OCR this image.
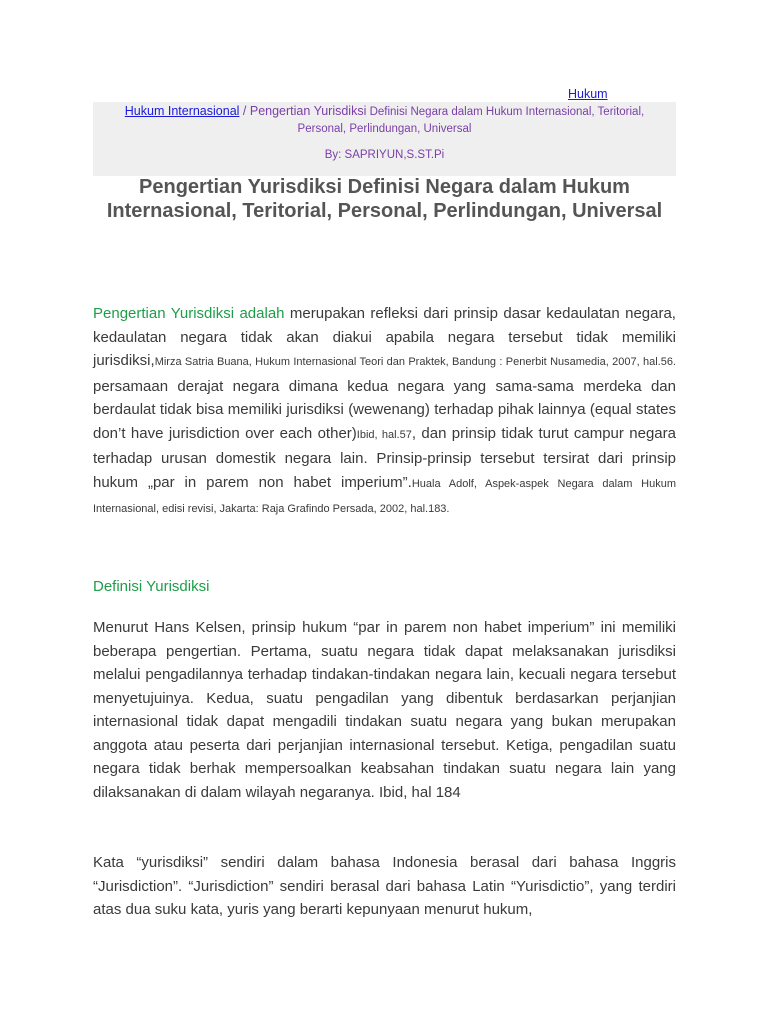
Hukum
Hukum Internasional / Pengertian Yurisdiksi Definisi Negara dalam Hukum Internasional, Teritorial, Personal, Perlindungan, Universal
By: SAPRIYUN,S.ST.Pi
Pengertian Yurisdiksi Definisi Negara dalam Hukum Internasional, Teritorial, Personal, Perlindungan, Universal

Pengertian Yurisdiksi adalah merupakan refleksi dari prinsip dasar kedaulatan negara, kedaulatan negara tidak akan diakui apabila negara tersebut tidak memiliki jurisdiksi,Mirza Satria Buana, Hukum Internasional Teori dan Praktek, Bandung : Penerbit Nusamedia, 2007, hal.56. persamaan derajat negara dimana kedua negara yang sama-sama merdeka dan berdaulat tidak bisa memiliki jurisdiksi (wewenang) terhadap pihak lainnya (equal states don’t have jurisdiction over each other)Ibid, hal.57, dan prinsip tidak turut campur negara terhadap urusan domestik negara lain. Prinsip-prinsip tersebut tersirat dari prinsip hukum „par in parem non habet imperium”.Huala Adolf, Aspek-aspek Negara dalam Hukum Internasional, edisi revisi, Jakarta: Raja Grafindo Persada, 2002, hal.183.

Definisi Yurisdiksi

Menurut Hans Kelsen, prinsip hukum “par in parem non habet imperium” ini memiliki beberapa pengertian. Pertama, suatu negara tidak dapat melaksanakan jurisdiksi melalui pengadilannya terhadap tindakan-tindakan negara lain, kecuali negara tersebut menyetujuinya. Kedua, suatu pengadilan yang dibentuk berdasarkan perjanjian internasional tidak dapat mengadili tindakan suatu negara yang bukan merupakan anggota atau peserta dari perjanjian internasional tersebut. Ketiga, pengadilan suatu negara tidak berhak mempersoalkan keabsahan tindakan suatu negara lain yang dilaksanakan di dalam wilayah negaranya. Ibid, hal 184

Kata “yurisdiksi” sendiri dalam bahasa Indonesia berasal dari bahasa Inggris “Jurisdiction”. “Jurisdiction” sendiri berasal dari bahasa Latin “Yurisdictio”, yang terdiri atas dua suku kata, yuris yang berarti kepunyaan menurut hukum,
